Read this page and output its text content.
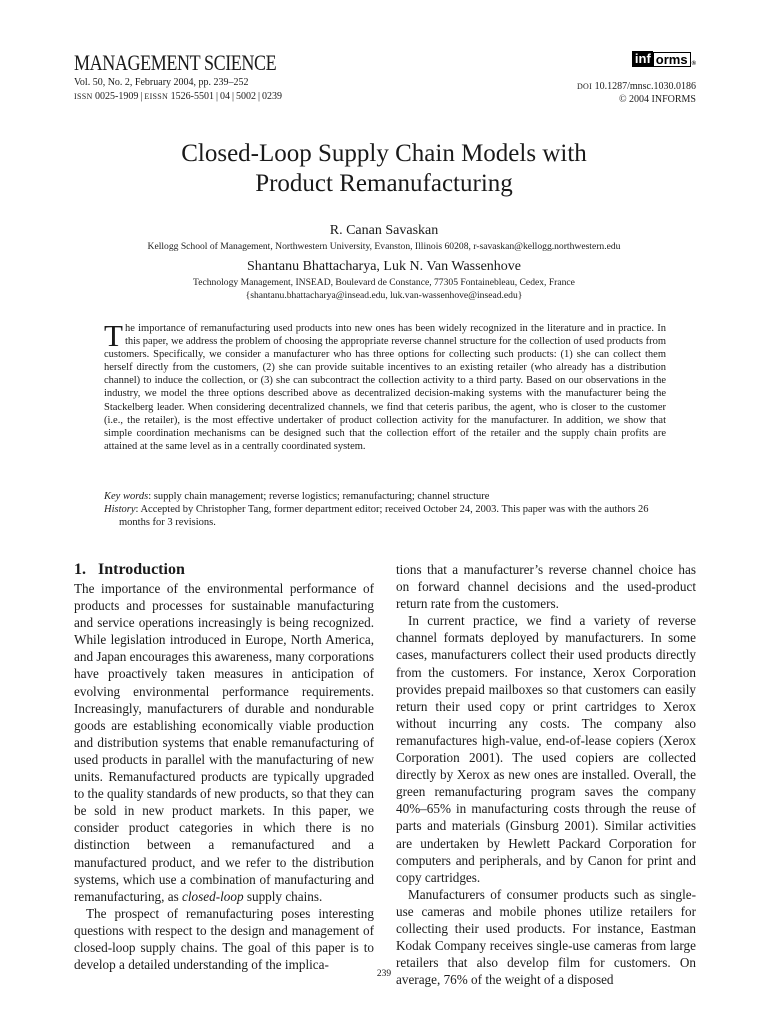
MANAGEMENT SCIENCE
Vol. 50, No. 2, February 2004, pp. 239–252
ISSN 0025-1909 | EISSN 1526-5501 | 04 | 5002 | 0239
inf orms ®
DOI 10.1287/mnsc.1030.0186
© 2004 INFORMS
Closed-Loop Supply Chain Models with
Product Remanufacturing
R. Canan Savaskan
Kellogg School of Management, Northwestern University, Evanston, Illinois 60208, r-savaskan@kellogg.northwestern.edu
Shantanu Bhattacharya, Luk N. Van Wassenhove
Technology Management, INSEAD, Boulevard de Constance, 77305 Fontainebleau, Cedex, France
{shantanu.bhattacharya@insead.edu, luk.van-wassenhove@insead.edu}
The importance of remanufacturing used products into new ones has been widely recognized in the literature and in practice. In this paper, we address the problem of choosing the appropriate reverse channel structure for the collection of used products from customers. Specifically, we consider a manufacturer who has three options for collecting such products: (1) she can collect them herself directly from the customers, (2) she can provide suitable incentives to an existing retailer (who already has a distribution channel) to induce the collection, or (3) she can subcontract the collection activity to a third party. Based on our observations in the industry, we model the three options described above as decentralized decision-making systems with the manufacturer being the Stackelberg leader. When considering decentralized channels, we find that ceteris paribus, the agent, who is closer to the customer (i.e., the retailer), is the most effective undertaker of product collection activity for the manufacturer. In addition, we show that simple coordination mechanisms can be designed such that the collection effort of the retailer and the supply chain profits are attained at the same level as in a centrally coordinated system.
Key words: supply chain management; reverse logistics; remanufacturing; channel structure
History: Accepted by Christopher Tang, former department editor; received October 24, 2003. This paper was with the authors 26 months for 3 revisions.
1. Introduction

The importance of the environmental performance of products and processes for sustainable manufacturing and service operations increasingly is being recognized. While legislation introduced in Europe, North America, and Japan encourages this awareness, many corporations have proactively taken measures in anticipation of evolving environmental performance requirements. Increasingly, manufacturers of durable and nondurable goods are establishing economically viable production and distribution systems that enable remanufacturing of used products in parallel with the manufacturing of new units. Remanufactured products are typically upgraded to the quality standards of new products, so that they can be sold in new product markets. In this paper, we consider product categories in which there is no distinction between a remanufactured and a manufactured product, and we refer to the distribution systems, which use a combination of manufacturing and remanufacturing, as closed-loop supply chains.

The prospect of remanufacturing poses interesting questions with respect to the design and management of closed-loop supply chains. The goal of this paper is to develop a detailed understanding of the implica-

tions that a manufacturer’s reverse channel choice has on forward channel decisions and the used-product return rate from the customers.

In current practice, we find a variety of reverse channel formats deployed by manufacturers. In some cases, manufacturers collect their used products directly from the customers. For instance, Xerox Corporation provides prepaid mailboxes so that customers can easily return their used copy or print cartridges to Xerox without incurring any costs. The company also remanufactures high-value, end-of-lease copiers (Xerox Corporation 2001). The used copiers are collected directly by Xerox as new ones are installed. Overall, the green remanufacturing program saves the company 40%–65% in manufacturing costs through the reuse of parts and materials (Ginsburg 2001). Similar activities are undertaken by Hewlett Packard Corporation for computers and peripherals, and by Canon for print and copy cartridges.

Manufacturers of consumer products such as single-use cameras and mobile phones utilize retailers for collecting their used products. For instance, Eastman Kodak Company receives single-use cameras from large retailers that also develop film for customers. On average, 76% of the weight of a disposed

239
